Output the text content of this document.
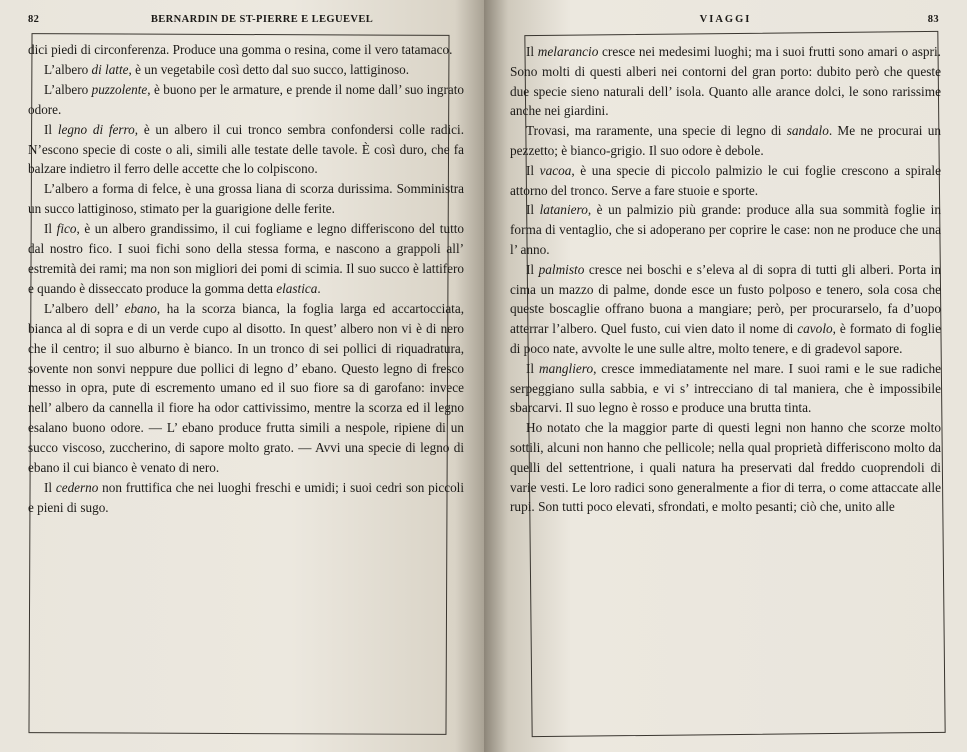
82	BERNARDIN DE ST-PIERRE E LEGUEVEL

dici piedi di circonferenza. Produce una gomma o resina, come il vero tatamaco.

L’albero di latte, è un vegetabile così detto dal suo succo, lattiginoso.

L’albero puzzolente, è buono per le armature, e prende il nome dall’ suo ingrato odore.

Il legno di ferro, è un albero il cui tronco sembra confondersi colle radici. N’escono specie di coste o ali, simili alle testate delle tavole. È così duro, che fa balzare indietro il ferro delle accette che lo colpiscono.

L’albero a forma di felce, è una grossa liana di scorza durissima. Somministra un succo lattiginoso, stimato per la guarigione delle ferite.

Il fico, è un albero grandissimo, il cui fogliame e legno differiscono del tutto dal nostro fico. I suoi fichi sono della stessa forma, e nascono a grappoli all’ estremità dei rami; ma non son migliori dei pomi di scimia. Il suo succo è lattifero e quando è disseccato produce la gomma detta elastica.

L’albero dell’ ebano, ha la scorza bianca, la foglia larga ed accartocciata, bianca al di sopra e di un verde cupo al disotto. In quest’ albero non vi è di nero che il centro; il suo alburno è bianco. In un tronco di sei pollici di riquadratura, sovente non sonvi neppure due pollici di legno d’ ebano. Questo legno di fresco messo in opra, pute di escremento umano ed il suo fiore sa di garofano: invece nell’ albero da cannella il fiore ha odor cattivissimo, mentre la scorza ed il legno esalano buono odore. — L’ ebano produce frutta simili a nespole, ripiene di un succo viscoso, zuccherino, di sapore molto grato. — Avvi una specie di legno di ebano il cui bianco è venato di nero.

Il cederno non fruttifica che nei luoghi freschi e umidi; i suoi cedri son piccoli e pieni di sugo.

VIAGGI	83

Il melarancio cresce nei medesimi luoghi; ma i suoi frutti sono amari o aspri. Sono molti di questi alberi nei contorni del gran porto: dubito però che queste due specie sieno naturali dell’ isola. Quanto alle arance dolci, le sono rarissime anche nei giardini.

Trovasi, ma raramente, una specie di legno di sandalo. Me ne procurai un pezzetto; è bianco-grigio. Il suo odore è debole.

Il vacoa, è una specie di piccolo palmizio le cui foglie crescono a spirale attorno del tronco. Serve a fare stuoie e sporte.

Il lataniero, è un palmizio più grande: produce alla sua sommità foglie in forma di ventaglio, che si adoperano per coprire le case: non ne produce che una l’ anno.

Il palmisto cresce nei boschi e s’eleva al di sopra di tutti gli alberi. Porta in cima un mazzo di palme, donde esce un fusto polposo e tenero, sola cosa che queste boscaglie offrano buona a mangiare; però, per procurarselo, fa d’uopo atterrar l’albero. Quel fusto, cui vien dato il nome di cavolo, è formato di foglie di poco nate, avvolte le une sulle altre, molto tenere, e di gradevol sapore.

Il mangliero, cresce immediatamente nel mare. I suoi rami e le sue radiche serpeggiano sulla sabbia, e vi s’ intrecciano di tal maniera, che è impossibile sbarcarvi. Il suo legno è rosso e produce una brutta tinta.

Ho notato che la maggior parte di questi legni non hanno che scorze molto sottili, alcuni non hanno che pellicole; nella qual proprietà differiscono molto da quelli del settentrione, i quali natura ha preservati dal freddo cuoprendoli di varie vesti. Le loro radici sono generalmente a fior di terra, o come attaccate alle rupi. Son tutti poco elevati, sfrondati, e molto pesanti; ciò che, unito alle
